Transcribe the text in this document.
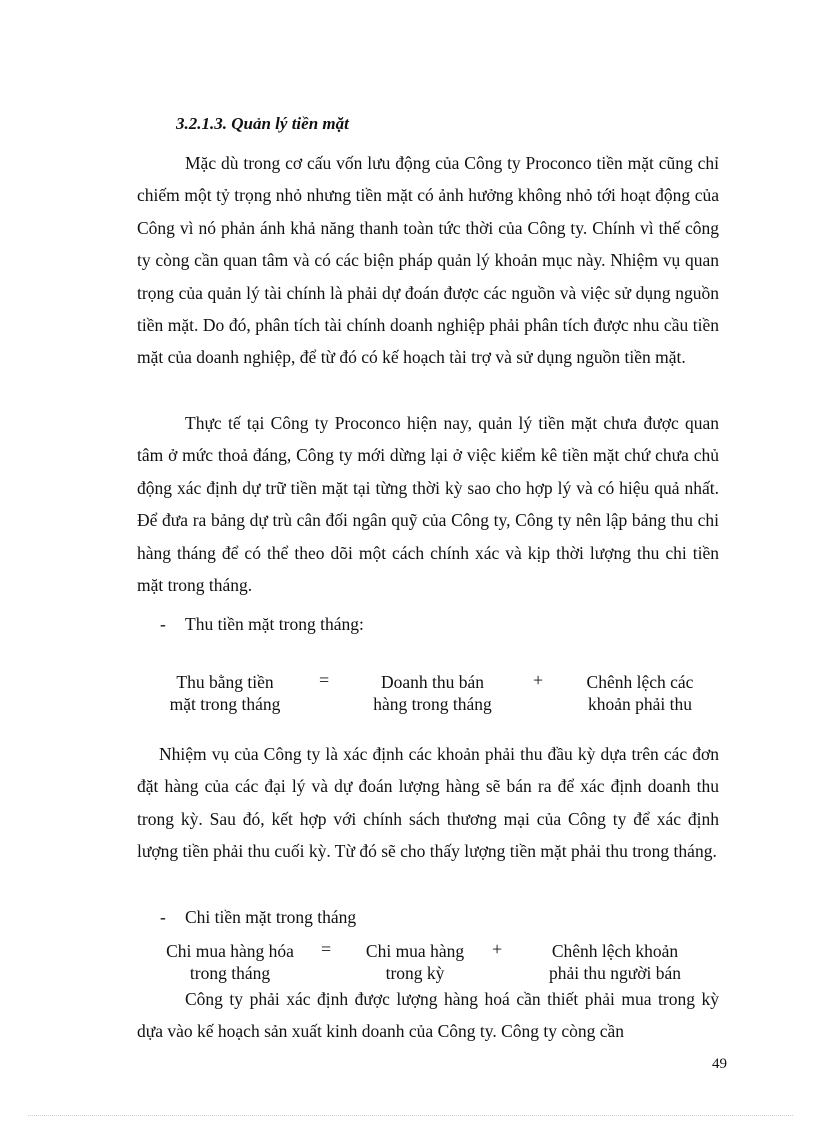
3.2.1.3. Quản lý tiền mặt

Mặc dù trong cơ cấu vốn lưu động của Công ty Proconco tiền mặt cũng chỉ chiếm một tỷ trọng nhỏ nhưng tiền mặt có ảnh hưởng không nhỏ tới hoạt động của Công vì nó phản ánh khả năng thanh toàn tức thời của Công ty. Chính vì thế công ty còng cần quan tâm và có các biện pháp quản lý khoản mục này. Nhiệm vụ quan trọng của quản lý tài chính là phải dự đoán được các nguồn và việc sử dụng nguồn tiền mặt. Do đó, phân tích tài chính doanh nghiệp phải phân tích được nhu cầu tiền mặt của doanh nghiệp, để từ đó có kế hoạch tài trợ và sử dụng nguồn tiền mặt.

Thực tế tại Công ty Proconco hiện nay, quản lý tiền mặt chưa được quan tâm ở mức thoả đáng, Công ty mới dừng lại ở việc kiểm kê tiền mặt chứ chưa chủ động xác định dự trữ tiền mặt tại từng thời kỳ sao cho hợp lý và có hiệu quả nhất. Để đưa ra bảng dự trù cân đối ngân quỹ của Công ty, Công ty nên lập bảng thu chi hàng tháng để có thể theo dõi một cách chính xác và kịp thời lượng thu chi tiền mặt trong tháng.

- Thu tiền mặt trong tháng:

Thu bằng tiền
mặt trong tháng

=	Doanh thu bán
hàng trong tháng

+	Chênh lệch các
khoản phải thu

Nhiệm vụ của Công ty là xác định các khoản phải thu đầu kỳ dựa trên các đơn đặt hàng của các đại lý và dự đoán lượng hàng sẽ bán ra để xác định doanh thu trong kỳ. Sau đó, kết hợp với chính sách thương mại của Công ty để xác định lượng tiền phải thu cuối kỳ. Từ đó sẽ cho thấy lượng tiền mặt phải thu trong tháng.

- Chi tiền mặt trong tháng

Chi mua hàng hóa
trong tháng

=	Chi mua hàng
trong kỳ

+	Chênh lệch khoản
phải thu người bán

Công ty phải xác định được lượng hàng hoá cần thiết phải mua trong kỳ dựa vào kế hoạch sản xuất kinh doanh của Công ty. Công ty còng cần

49
